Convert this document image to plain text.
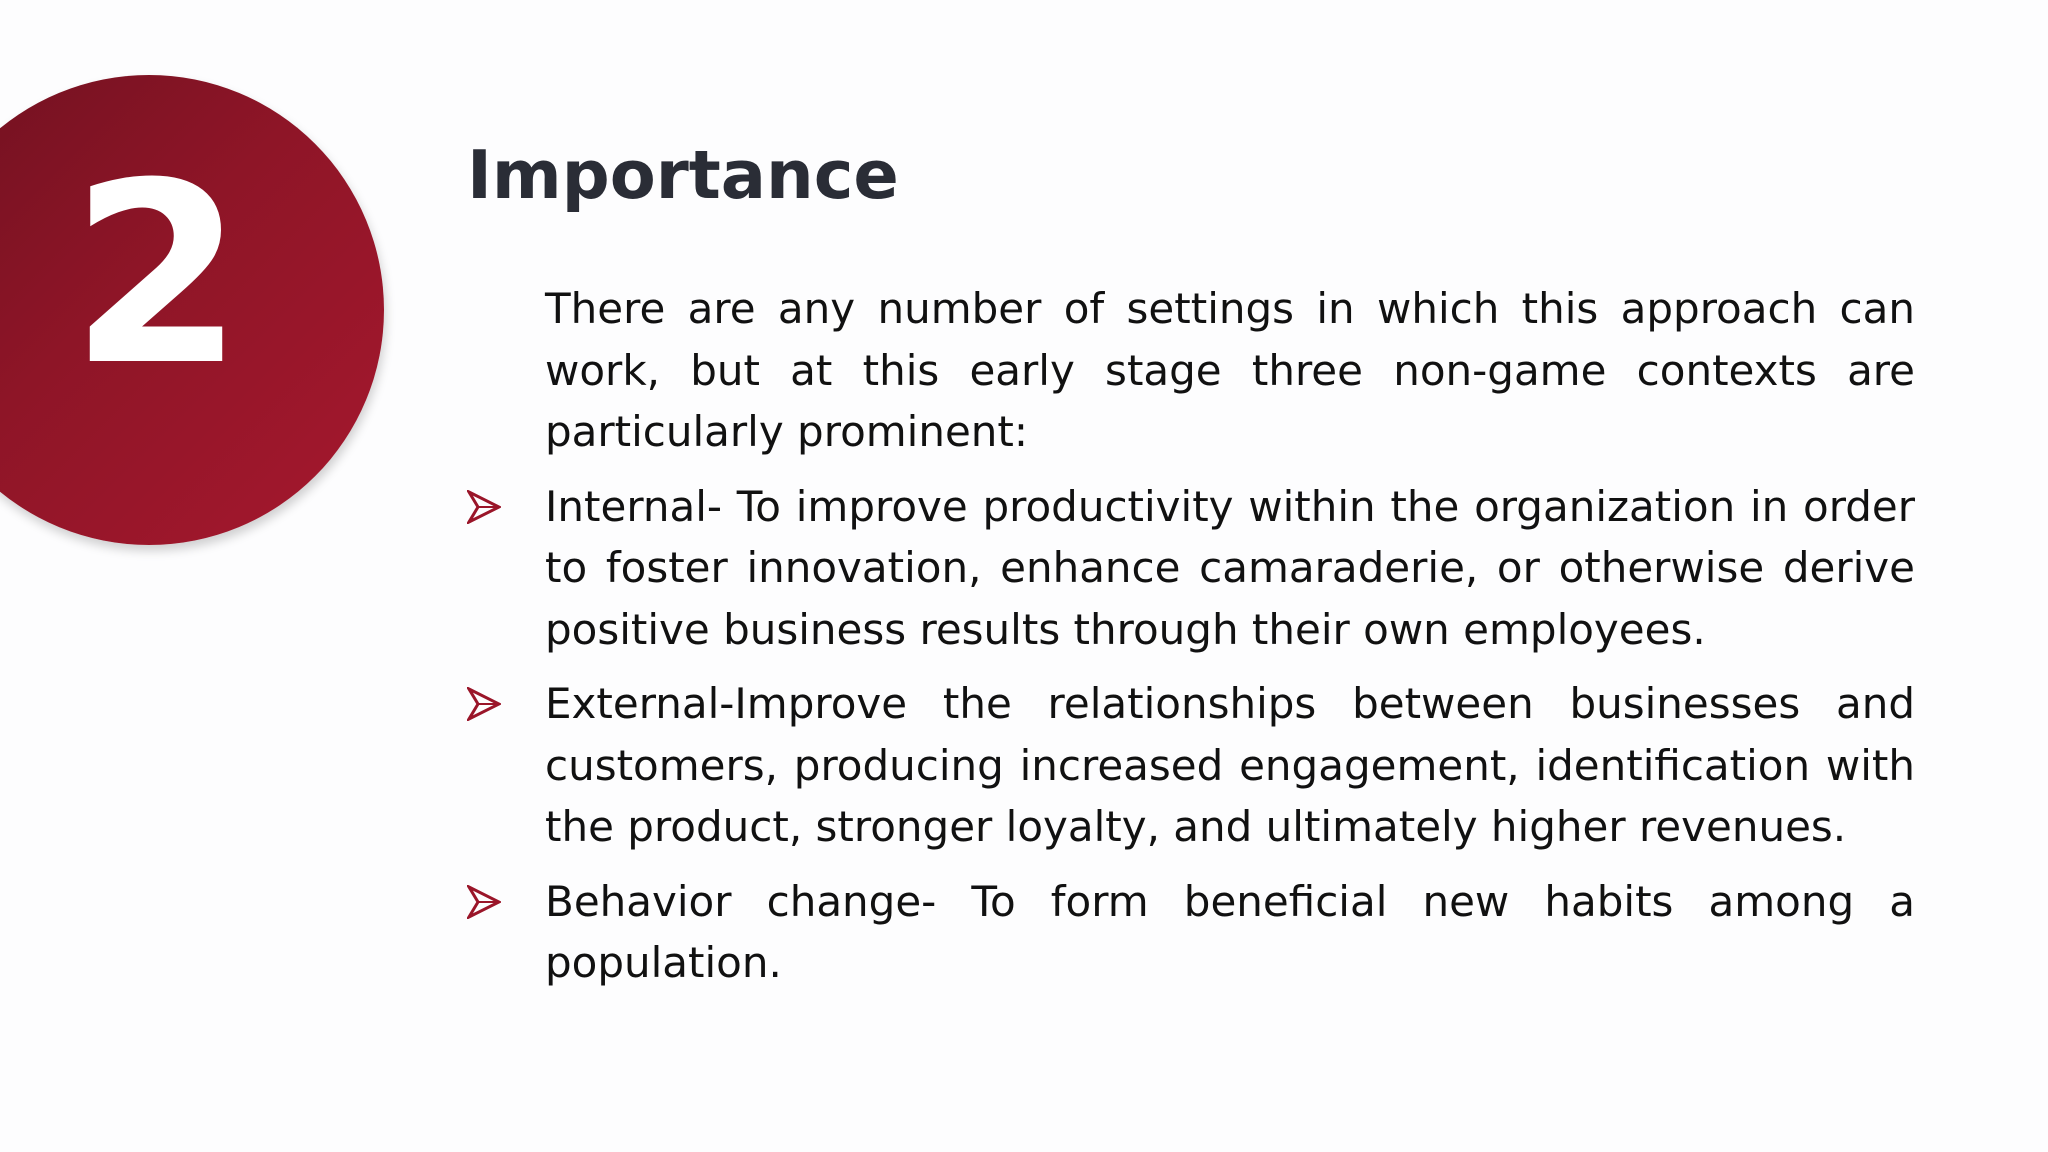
2	Importance

There are any number of settings in which this approach can work, but at this early stage three non-game contexts are particularly prominent:

Internal- To improve productivity within the organization in order to foster innovation, enhance camaraderie, or otherwise derive positive business results through their own employees.
External-Improve the relationships between businesses and customers, producing increased engagement, identification with the product, stronger loyalty, and ultimately higher revenues.
Behavior change- To form beneficial new habits among a population.
